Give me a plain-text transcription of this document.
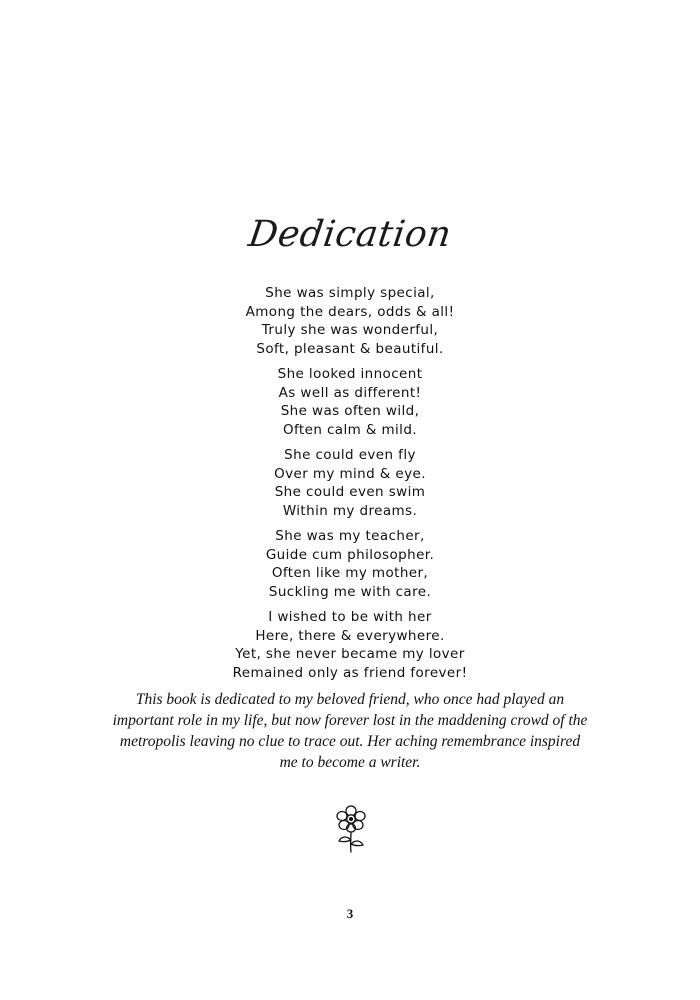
Dedication
She was simply special,
Among the dears, odds & all!
Truly she was wonderful,
Soft, pleasant & beautiful.
She looked innocent
As well as different!
She was often wild,
Often calm & mild.
She could even fly
Over my mind & eye.
She could even swim
Within my dreams.
She was my teacher,
Guide cum philosopher.
Often like my mother,
Suckling me with care.
I wished to be with her
Here, there & everywhere.
Yet, she never became my lover
Remained only as friend forever!
This book is dedicated to my beloved friend, who once had played an
important role in my life, but now forever lost in the maddening crowd of the
metropolis leaving no clue to trace out. Her aching remembrance inspired
me to become a writer.
3
